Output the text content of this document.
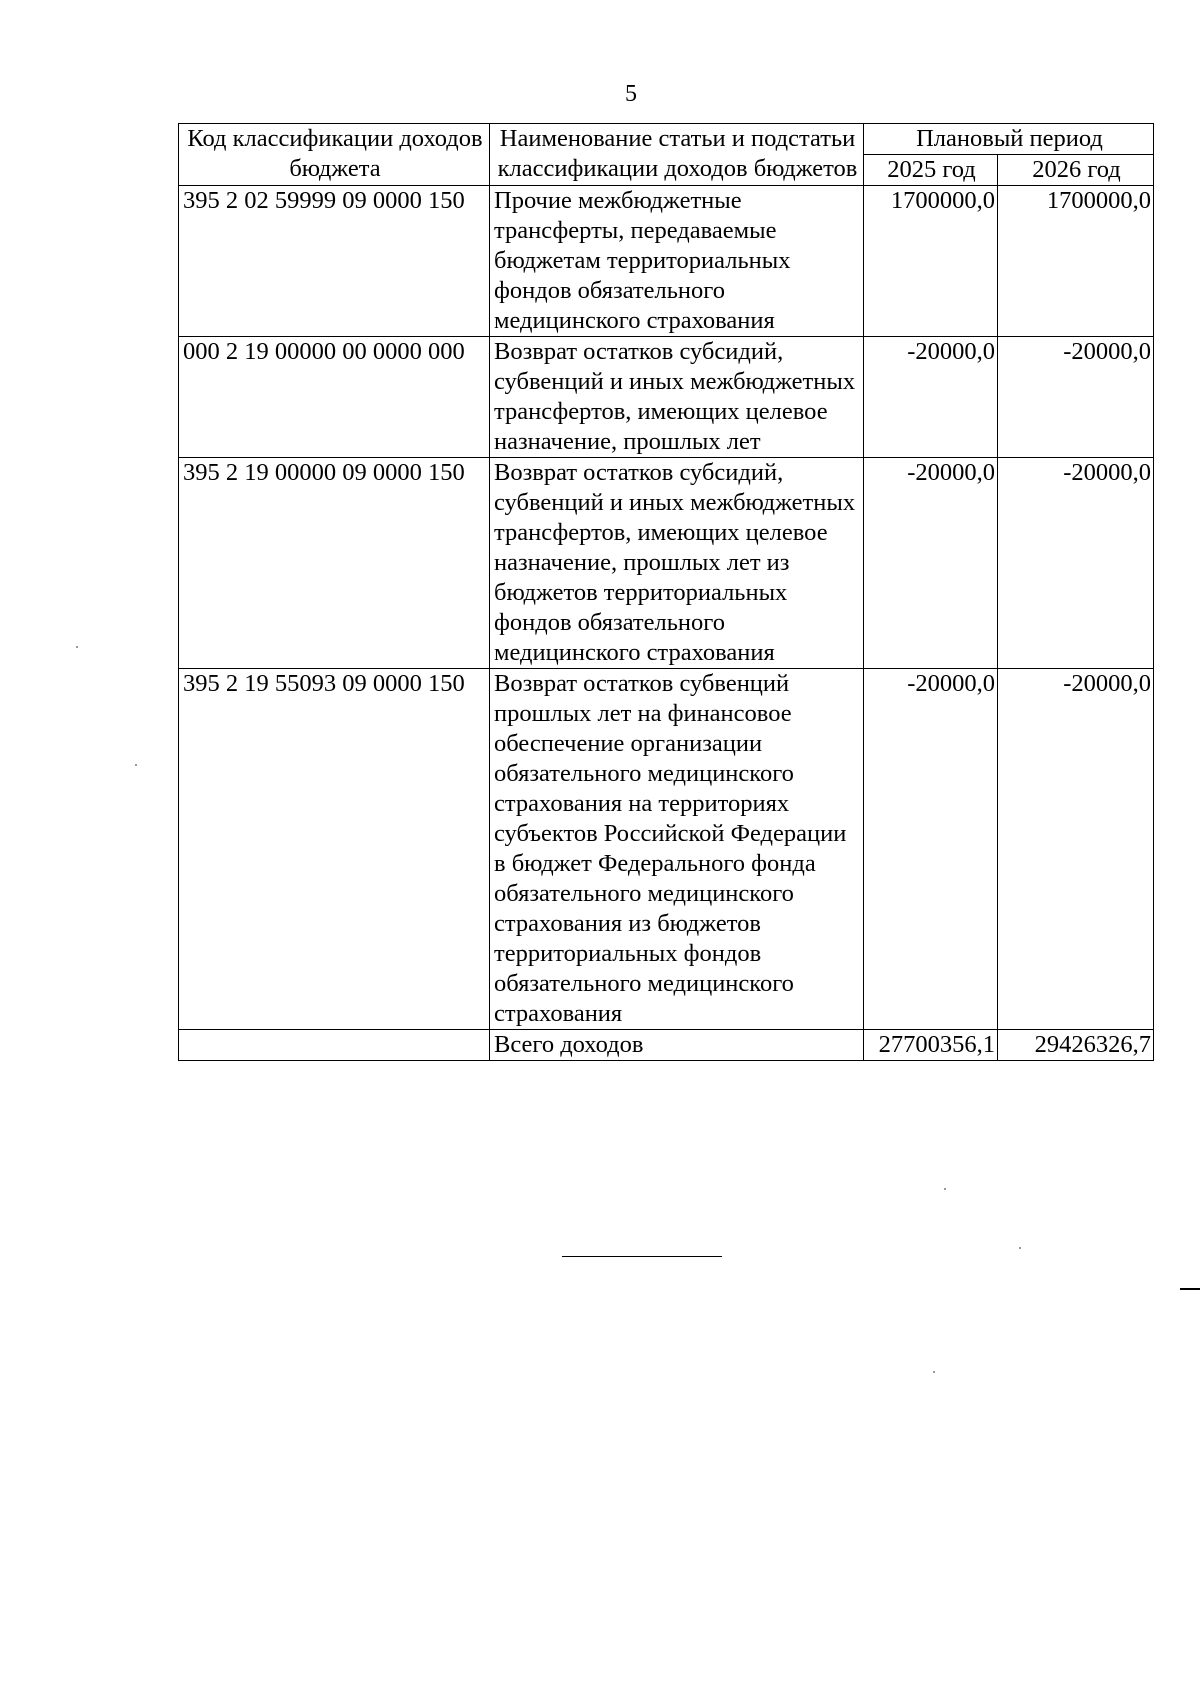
5
Код классификации доходов бюджета	Наименование статьи и подстатьи классификации доходов бюджетов	Плановый период	
		2025 год	2026 год
395 2 02 59999 09 0000 150	Прочие межбюджетные трансферты, передаваемые бюджетам территориальных фондов обязательного медицинского страхования	1700000,0	1700000,0
000 2 19 00000 00 0000 000	Возврат остатков субсидий, субвенций и иных межбюджетных трансфертов, имеющих целевое назначение, прошлых лет	-20000,0	-20000,0
395 2 19 00000 09 0000 150	Возврат остатков субсидий, субвенций и иных межбюджетных трансфертов, имеющих целевое назначение, прошлых лет из бюджетов территориальных фондов обязательного медицинского страхования	-20000,0	-20000,0
395 2 19 55093 09 0000 150	Возврат остатков субвенций прошлых лет на финансовое обеспечение организации обязательного медицинского страхования на территориях субъектов Российской Федерации в бюджет Федерального фонда обязательного медицинского страхования из бюджетов территориальных фондов обязательного медицинского страхования	-20000,0	-20000,0
	Всего доходов	27700356,1	29426326,7
